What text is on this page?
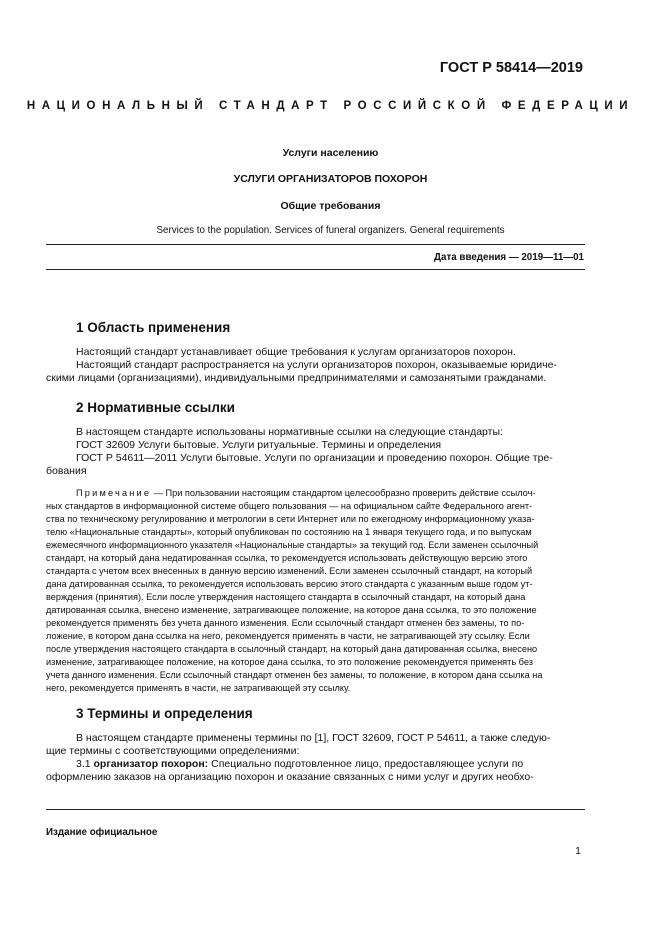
ГОСТ Р 58414—2019
НАЦИОНАЛЬНЫЙ СТАНДАРТ РОССИЙСКОЙ ФЕДЕРАЦИИ
Услуги населению
УСЛУГИ ОРГАНИЗАТОРОВ ПОХОРОН
Общие требования
Services to the population. Services of funeral organizers. General requirements
Дата введения — 2019—11—01
1 Область применения
Настоящий стандарт устанавливает общие требования к услугам организаторов похорон.
Настоящий стандарт распространяется на услуги организаторов похорон, оказываемые юридиче-
скими лицами (организациями), индивидуальными предпринимателями и самозанятыми гражданами.
2 Нормативные ссылки
В настоящем стандарте использованы нормативные ссылки на следующие стандарты:
ГОСТ 32609 Услуги бытовые. Услуги ритуальные. Термины и определения
ГОСТ Р 54611—2011 Услуги бытовые. Услуги по организации и проведению похорон. Общие тре-
бования
Примечание — При пользовании настоящим стандартом целесообразно проверить действие ссылоч-
ных стандартов в информационной системе общего пользования — на официальном сайте Федерального агент-
ства по техническому регулированию и метрологии в сети Интернет или по ежегодному информационному указа-
телю «Национальные стандарты», который опубликован по состоянию на 1 января текущего года, и по выпускам
ежемесячного информационного указателя «Национальные стандарты» за текущий год. Если заменен ссылочный
стандарт, на который дана недатированная ссылка, то рекомендуется использовать действующую версию этого
стандарта с учетом всех внесенных в данную версию изменений. Если заменен ссылочный стандарт, на который
дана датированная ссылка, то рекомендуется использовать версию этого стандарта с указанным выше годом ут-
верждения (принятия). Если после утверждения настоящего стандарта в ссылочный стандарт, на который дана
датированная ссылка, внесено изменение, затрагивающее положение, на которое дана ссылка, то это положение
рекомендуется применять без учета данного изменения. Если ссылочный стандарт отменен без замены, то по-
ложение, в котором дана ссылка на него, рекомендуется применять в части, не затрагивающей эту ссылку. Если
после утверждения настоящего стандарта в ссылочный стандарт, на который дана датированная ссылка, внесено
изменение, затрагивающее положение, на которое дана ссылка, то это положение рекомендуется применять без
учета данного изменения. Если ссылочный стандарт отменен без замены, то положение, в котором дана ссылка на
него, рекомендуется применять в части, не затрагивающей эту ссылку.
3 Термины и определения
В настоящем стандарте применены термины по [1], ГОСТ 32609, ГОСТ Р 54611, а также следую-
щие термины с соответствующими определениями:
3.1 организатор похорон: Специально подготовленное лицо, предоставляющее услуги по
оформлению заказов на организацию похорон и оказание связанных с ними услуг и других необхо-
Издание официальное
1
